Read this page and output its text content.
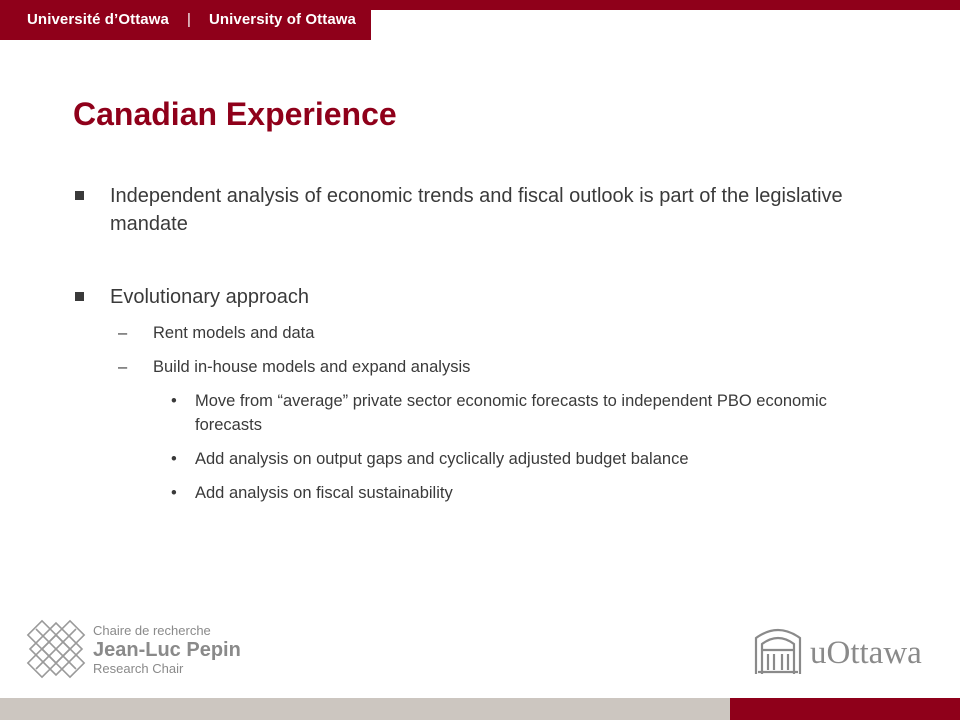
Université d’Ottawa | University of Ottawa
Canadian Experience
Independent analysis of economic trends and fiscal outlook is part of the legislative mandate
Evolutionary approach
– Rent models and data
– Build in-house models and expand analysis
• Move from “average” private sector economic forecasts to independent PBO economic forecasts
• Add analysis on output gaps and cyclically adjusted budget balance
• Add analysis on fiscal sustainability
Chaire de recherche
Jean-Luc Pepin
Research Chair	uOttawa
